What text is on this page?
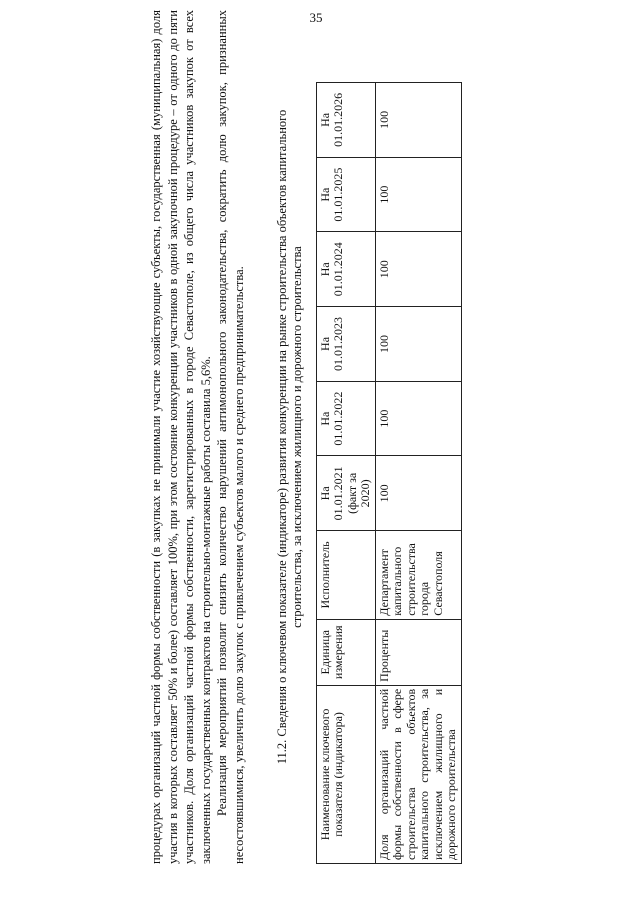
35

процедурах организаций частной формы собственности (в закупках не принимали участие хозяйствующие субъекты, государственная (муниципальная) доля участия в которых составляет 50% и более) составляет 100%, при этом состояние конкуренции участников в одной закупочной процедуре – от одного до пяти участников. Доля организаций частной формы собственности, зарегистрированных в городе Севастополе, из общего числа участников закупок от всех заключенных государственных контрактов на строительно-монтажные работы составила 5,6%. Реализация мероприятий позволит снизить количество нарушений антимонопольного законодательства, сократить долю закупок, признанных несостоявшимися, увеличить долю закупок с привлечением субъектов малого и среднего предпринимательства. 11.2. Сведения о ключевом показателе (индикаторе) развития конкуренции на рынке строительства объектов капитального строительства, за исключением жилищного и дорожного строительства
Наименование ключевого показателя (индикатора)	Единица измерения	Исполнитель	На 01.01.2021 (факт за 2020)	На 01.01.2022	На 01.01.2023	На 01.01.2024	На 01.01.2025	На 01.01.2026
Доля организаций частной формы собственности в сфере строительства объектов капитального строительства, за исключением жилищного и дорожного строительства	Проценты	Департамент капитального строительства города Севастополя	100	100	100	100	100	100
